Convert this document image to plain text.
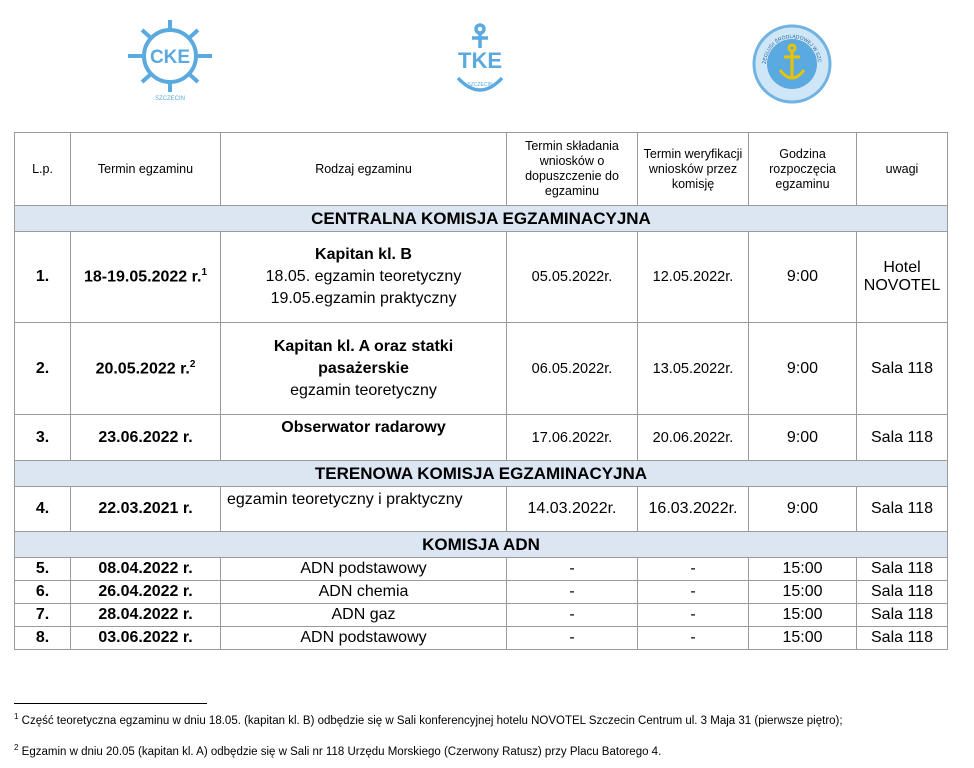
CKE
SZCZECIN
TKE
SZCZECIN
ŻEGLUGI ŚRÓDLĄDOWEJ W SZC
L.p.	Termin egzaminu	Rodzaj egzaminu	Termin składania wniosków o dopuszczenie do egzaminu	Termin weryfikacji wniosków przez komisję	Godzina rozpoczęcia egzaminu	uwagi
CENTRALNA KOMISJA EGZAMINACYJNA						
1.	18-19.05.2022 r.$^1$	Kapitan kl. B
18.05. egzamin teoretyczny
19.05.egzamin praktyczny	05.05.2022r.	12.05.2022r.	9:00	Hotel
NOVOTEL
2.	20.05.2022 r.$^2$	Kapitan kl. A oraz statki
pasażerskie
egzamin teoretyczny	06.05.2022r.	13.05.2022r.	9:00	Sala 118
3.	23.06.2022 r.	Obserwator radarowy	17.06.2022r.	20.06.2022r.	9:00	Sala 118
TERENOWA KOMISJA EGZAMINACYJNA						
4.	22.03.2021 r.	egzamin teoretyczny i praktyczny	14.03.2022r.	16.03.2022r.	9:00	Sala 118
KOMISJA ADN						
5.	08.04.2022 r.	ADN podstawowy	-	-	15:00	Sala 118
6.	26.04.2022 r.	ADN chemia	-	-	15:00	Sala 118
7.	28.04.2022 r.	ADN gaz	-	-	15:00	Sala 118
8.	03.06.2022 r.	ADN podstawowy	-	-	15:00	Sala 118
$^1$ Część teoretyczna egzaminu w dniu 18.05. (kapitan kl. B) odbędzie się w Sali konferencyjnej hotelu NOVOTEL Szczecin Centrum ul. 3 Maja 31 (pierwsze piętro);
$^2$ Egzamin w dniu 20.05 (kapitan kl. A) odbędzie się w Sali nr 118 Urzędu Morskiego (Czerwony Ratusz) przy Placu Batorego 4.
